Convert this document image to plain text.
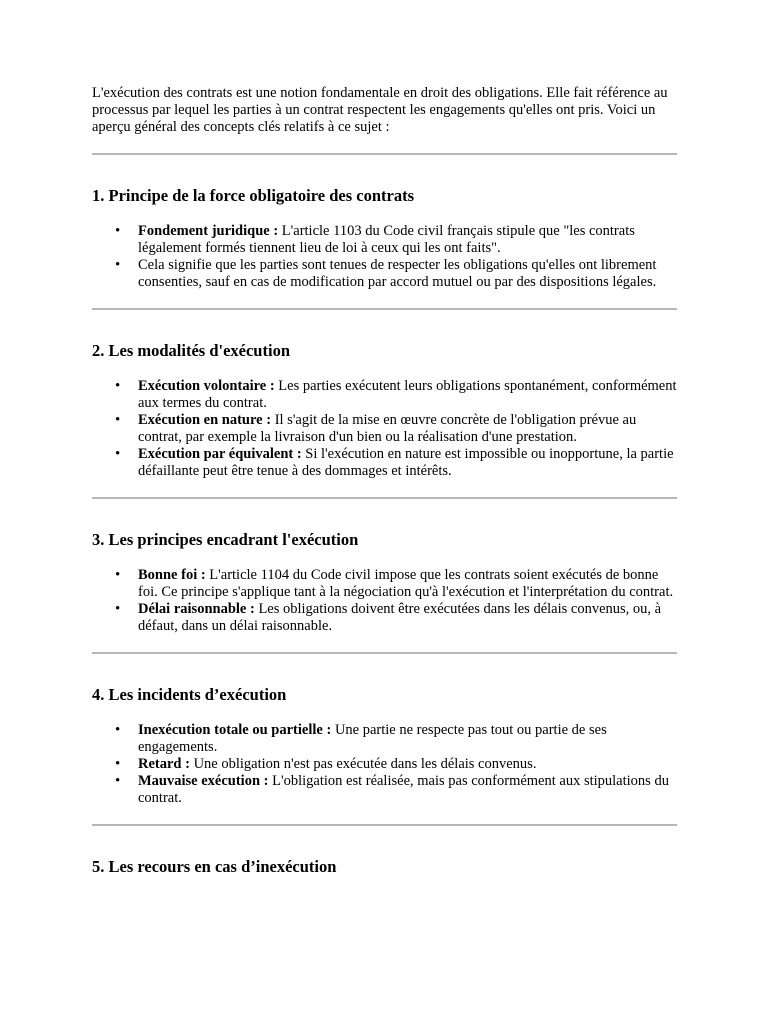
L'exécution des contrats est une notion fondamentale en droit des obligations. Elle fait référence au processus par lequel les parties à un contrat respectent les engagements qu'elles ont pris. Voici un aperçu général des concepts clés relatifs à ce sujet :

1. Principe de la force obligatoire des contrats
• Fondement juridique : L'article 1103 du Code civil français stipule que "les contrats légalement formés tiennent lieu de loi à ceux qui les ont faits".
• Cela signifie que les parties sont tenues de respecter les obligations qu'elles ont librement consenties, sauf en cas de modification par accord mutuel ou par des dispositions légales.
2. Les modalités d'exécution
• Exécution volontaire : Les parties exécutent leurs obligations spontanément, conformément aux termes du contrat.
• Exécution en nature : Il s'agit de la mise en œuvre concrète de l'obligation prévue au contrat, par exemple la livraison d'un bien ou la réalisation d'une prestation.
• Exécution par équivalent : Si l'exécution en nature est impossible ou inopportune, la partie défaillante peut être tenue à des dommages et intérêts.
3. Les principes encadrant l'exécution
• Bonne foi : L'article 1104 du Code civil impose que les contrats soient exécutés de bonne foi. Ce principe s'applique tant à la négociation qu'à l'exécution et l'interprétation du contrat.
• Délai raisonnable : Les obligations doivent être exécutées dans les délais convenus, ou, à défaut, dans un délai raisonnable.
4. Les incidents d’exécution
• Inexécution totale ou partielle : Une partie ne respecte pas tout ou partie de ses engagements.
• Retard : Une obligation n'est pas exécutée dans les délais convenus.
• Mauvaise exécution : L'obligation est réalisée, mais pas conformément aux stipulations du contrat.
5. Les recours en cas d’inexécution
